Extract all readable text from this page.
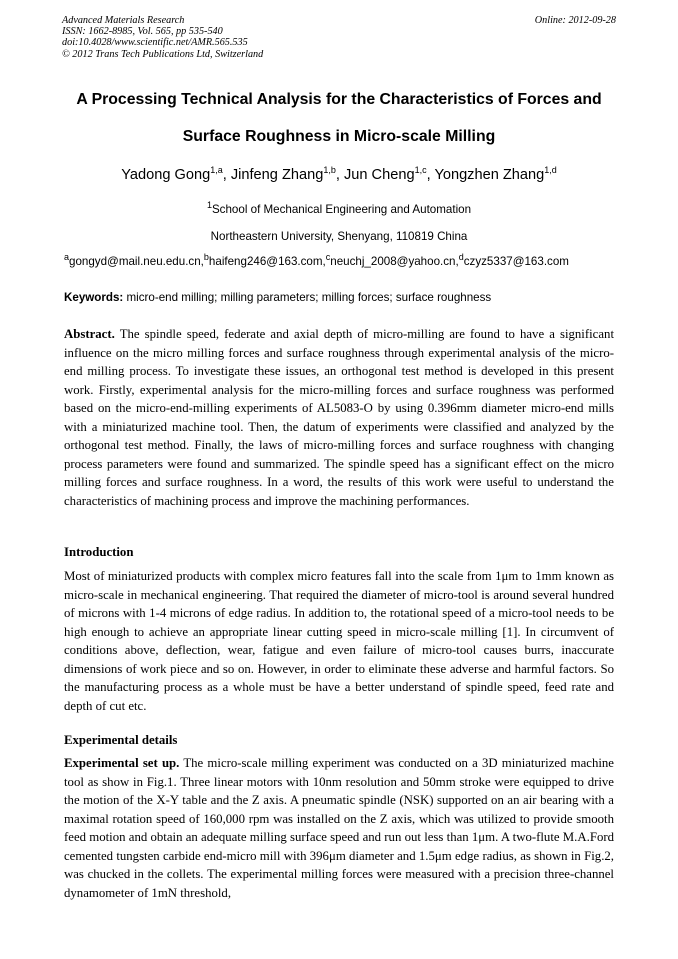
Advanced Materials Research
ISSN: 1662-8985, Vol. 565, pp 535-540
doi:10.4028/www.scientific.net/AMR.565.535
© 2012 Trans Tech Publications Ltd, Switzerland
Online: 2012-09-28
A Processing Technical Analysis for the Characteristics of Forces and
Surface Roughness in Micro-scale Milling
Yadong Gong$^{1,a}$, Jinfeng Zhang$^{1,b}$, Jun Cheng$^{1,c}$, Yongzhen Zhang$^{1,d}$
$^1$School of Mechanical Engineering and Automation
Northeastern University, Shenyang, 110819 China
$^a$gongyd@mail.neu.edu.cn,$^b$haifeng246@163.com,$^c$neuchj_2008@yahoo.cn,$^d$czyz5337@163.com
Keywords: micro-end milling; milling parameters; milling forces; surface roughness
Abstract. The spindle speed, federate and axial depth of micro-milling are found to have a significant influence on the micro milling forces and surface roughness through experimental analysis of the micro-end milling process. To investigate these issues, an orthogonal test method is developed in this present work. Firstly, experimental analysis for the micro-milling forces and surface roughness was performed based on the micro-end-milling experiments of AL5083-O by using 0.396mm diameter micro-end mills with a miniaturized machine tool. Then, the datum of experiments were classified and analyzed by the orthogonal test method. Finally, the laws of micro-milling forces and surface roughness with changing process parameters were found and summarized. The spindle speed has a significant effect on the micro milling forces and surface roughness. In a word, the results of this work were useful to understand the characteristics of machining process and improve the machining performances.
Introduction
Most of miniaturized products with complex micro features fall into the scale from 1μm to 1mm known as micro-scale in mechanical engineering. That required the diameter of micro-tool is around several hundred of microns with 1-4 microns of edge radius. In addition to, the rotational speed of a micro-tool needs to be high enough to achieve an appropriate linear cutting speed in micro-scale milling [1]. In circumvent of conditions above, deflection, wear, fatigue and even failure of micro-tool causes burrs, inaccurate dimensions of work piece and so on. However, in order to eliminate these adverse and harmful factors. So the manufacturing process as a whole must be have a better understand of spindle speed, feed rate and depth of cut etc.
Experimental details
Experimental set up. The micro-scale milling experiment was conducted on a 3D miniaturized machine tool as show in Fig.1. Three linear motors with 10nm resolution and 50mm stroke were equipped to drive the motion of the X-Y table and the Z axis. A pneumatic spindle (NSK) supported on an air bearing with a maximal rotation speed of 160,000 rpm was installed on the Z axis, which was utilized to provide smooth feed motion and obtain an adequate milling surface speed and run out less than 1μm. A two-flute M.A.Ford cemented tungsten carbide end-micro mill with 396μm diameter and 1.5μm edge radius, as shown in Fig.2, was chucked in the collets. The experimental milling forces were measured with a precision three-channel dynamometer of 1mN threshold,
